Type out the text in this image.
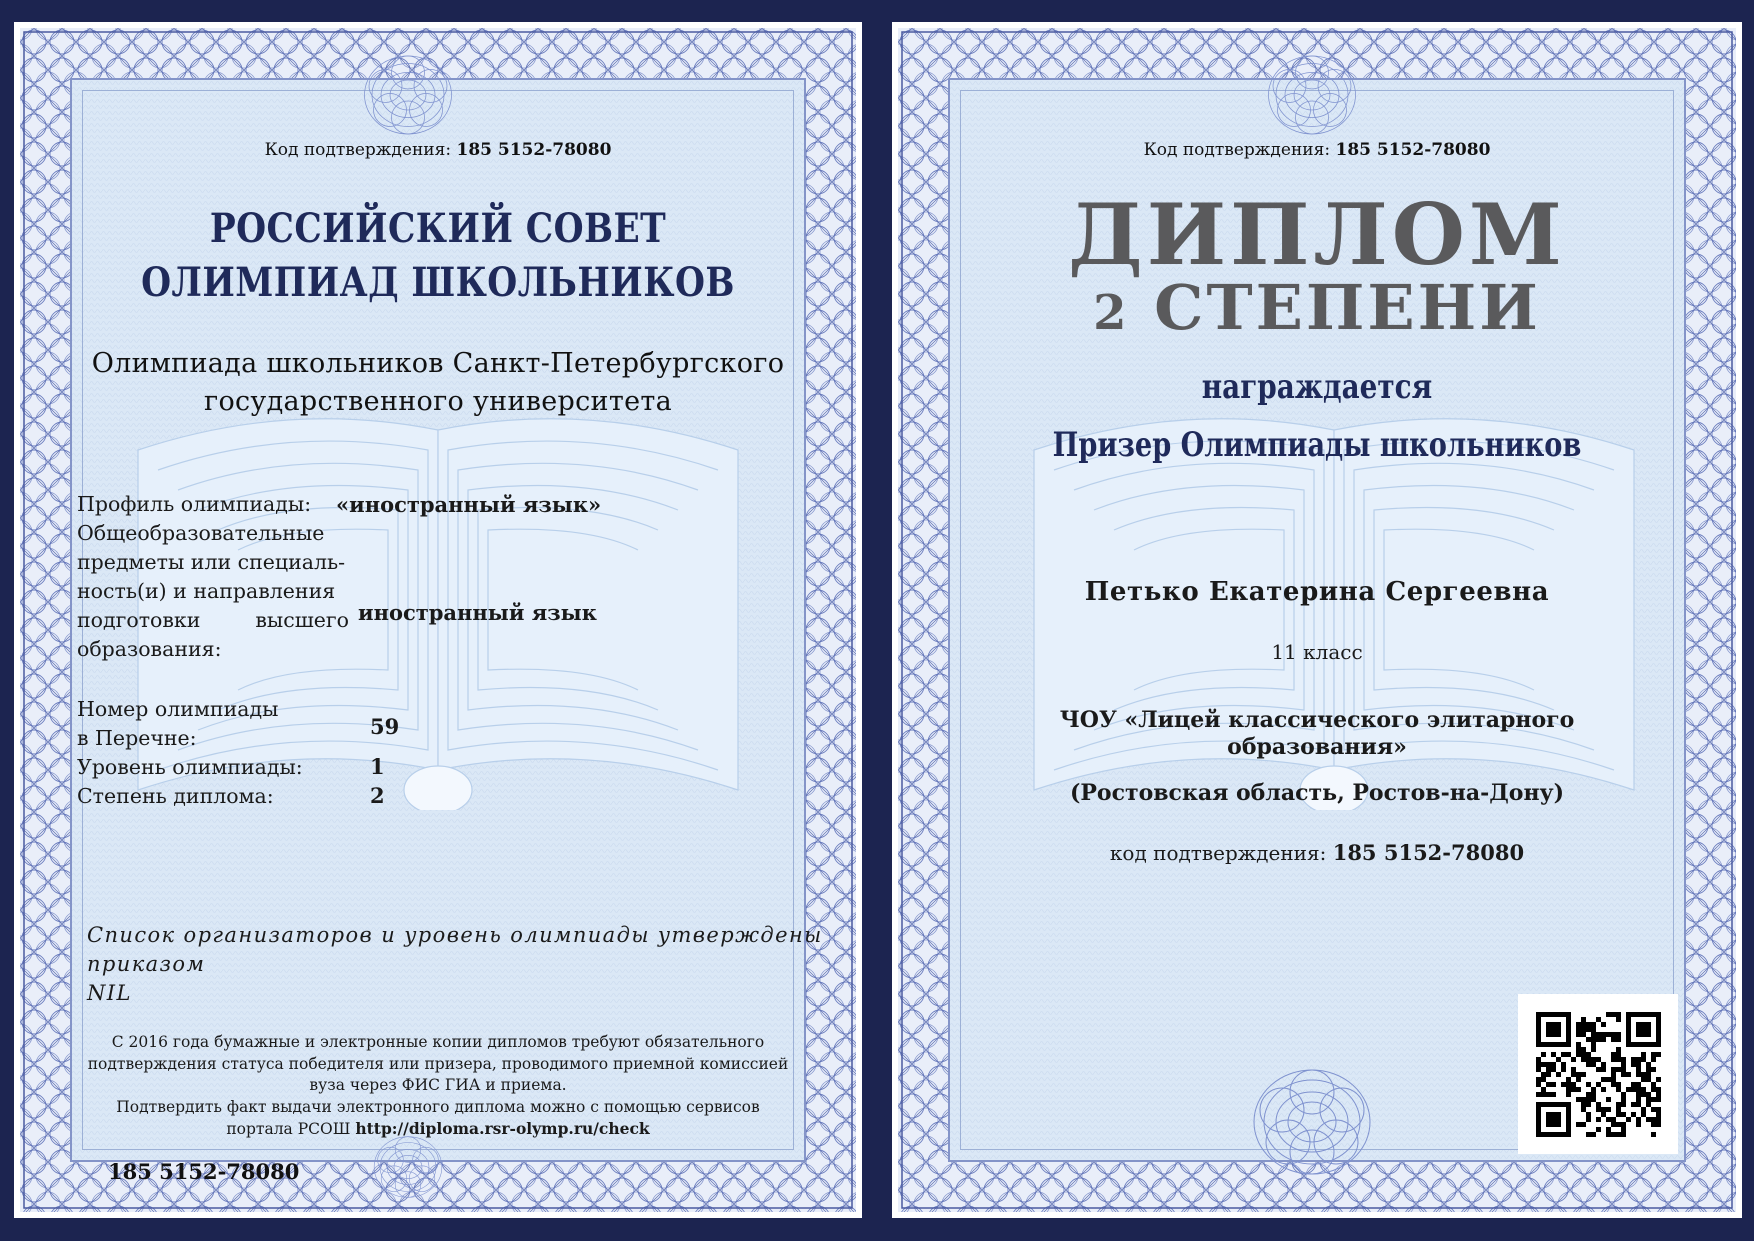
Код подтверждения: 185 5152-78080

РОССИЙСКИЙ СОВЕТ
ОЛИМПИАД ШКОЛЬНИКОВ

Олимпиада школьников Санкт-Петербургского
государственного университета

Профиль олимпиады: «иностранный язык»

Общеобразовательные
предметы или специаль-
ность(и) и направления
подготовки высшего
образования:

иностранный язык

Номер олимпиады
в Перечне:	59

Уровень олимпиады:	1

Степень диплома:	2

Список организаторов и уровень олимпиады утверждены
приказом
NIL
С 2016 года бумажные и электронные копии дипломов требуют обязательного
подтверждения статуса победителя или призера, проводимого приемной комиссией
вуза через ФИС ГИА и приема.
Подтвердить факт выдачи электронного диплома можно с помощью сервисов
портала РСОШ http://diploma.rsr-olymp.ru/check

185 5152-78080

Код подтверждения: 185 5152-78080

ДИПЛОМ

2 СТЕПЕНИ

награждается

Призер Олимпиады школьников

Петько Екатерина Сергеевна

11 класс

ЧОУ «Лицей классического элитарного
образования»

(Ростовская область, Ростов-на-Дону)

код подтверждения: 185 5152-78080
